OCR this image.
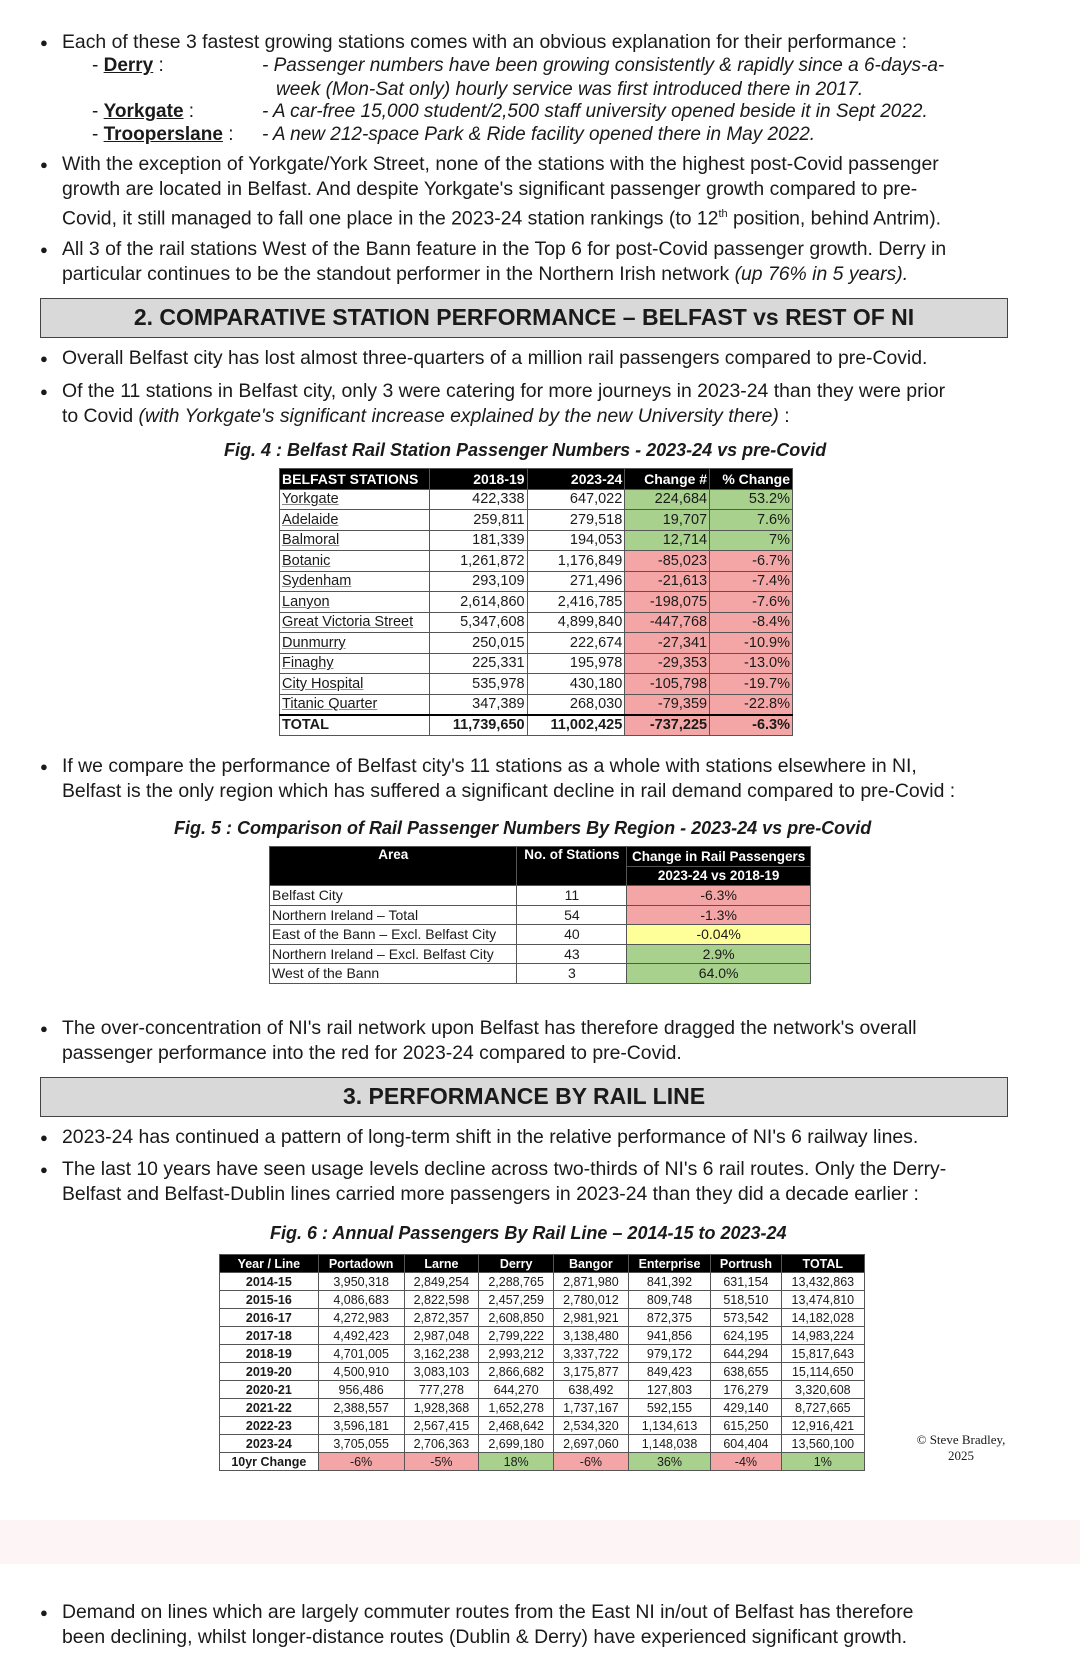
● Each of these 3 fastest growing stations comes with an obvious explanation for their performance :
- Derry :	- Passenger numbers have been growing consistently & rapidly since a 6-days-a-
week (Mon-Sat only) hourly service was first introduced there in 2017.
- Yorkgate :	- A car-free 15,000 student/2,500 staff university opened beside it in Sept 2022.
- Trooperslane : - A new 212-space Park & Ride facility opened there in May 2022.
● With the exception of Yorkgate/York Street, none of the stations with the highest post-Covid passenger
growth are located in Belfast. And despite Yorkgate's significant passenger growth compared to pre-
Covid, it still managed to fall one place in the 2023-24 station rankings (to 12th position, behind Antrim).
● All 3 of the rail stations West of the Bann feature in the Top 6 for post-Covid passenger growth. Derry in
particular continues to be the standout performer in the Northern Irish network (up 76% in 5 years).
2. COMPARATIVE STATION PERFORMANCE – BELFAST vs REST OF NI
● Overall Belfast city has lost almost three-quarters of a million rail passengers compared to pre-Covid.
● Of the 11 stations in Belfast city, only 3 were catering for more journeys in 2023-24 than they were prior
to Covid (with Yorkgate's significant increase explained by the new University there) :
Fig. 4 : Belfast Rail Station Passenger Numbers - 2023-24 vs pre-Covid
BELFAST STATIONS	2018-19	2023-24	Change #	% Change
Yorkgate	422,338	647,022	224,684	53.2%
Adelaide	259,811	279,518	19,707	7.6%
Balmoral	181,339	194,053	12,714	7%
Botanic	1,261,872	1,176,849	-85,023	-6.7%
Sydenham	293,109	271,496	-21,613	-7.4%
Lanyon	2,614,860	2,416,785	-198,075	-7.6%
Great Victoria Street	5,347,608	4,899,840	-447,768	-8.4%
Dunmurry	250,015	222,674	-27,341	-10.9%
Finaghy	225,331	195,978	-29,353	-13.0%
City Hospital	535,978	430,180	-105,798	-19.7%
Titanic Quarter	347,389	268,030	-79,359	-22.8%
TOTAL	11,739,650	11,002,425	-737,225	-6.3%
● If we compare the performance of Belfast city's 11 stations as a whole with stations elsewhere in NI,
Belfast is the only region which has suffered a significant decline in rail demand compared to pre-Covid :
Fig. 5 : Comparison of Rail Passenger Numbers By Region - 2023-24 vs pre-Covid
Area	No. of Stations	Change in Rail Passengers
		2023-24 vs 2018-19
Belfast City	11	-6.3%
Northern Ireland – Total	54	-1.3%
East of the Bann – Excl. Belfast City	40	-0.04%
Northern Ireland – Excl. Belfast City	43	2.9%
West of the Bann	3	64.0%
● The over-concentration of NI's rail network upon Belfast has therefore dragged the network's overall
passenger performance into the red for 2023-24 compared to pre-Covid.
3. PERFORMANCE BY RAIL LINE
● 2023-24 has continued a pattern of long-term shift in the relative performance of NI's 6 railway lines.
● The last 10 years have seen usage levels decline across two-thirds of NI's 6 rail routes. Only the Derry-
Belfast and Belfast-Dublin lines carried more passengers in 2023-24 than they did a decade earlier :
Fig. 6 : Annual Passengers By Rail Line – 2014-15 to 2023-24
Year / Line	Portadown	Larne	Derry	Bangor	Enterprise	Portrush	TOTAL
2014-15	3,950,318	2,849,254	2,288,765	2,871,980	841,392	631,154	13,432,863
2015-16	4,086,683	2,822,598	2,457,259	2,780,012	809,748	518,510	13,474,810
2016-17	4,272,983	2,872,357	2,608,850	2,981,921	872,375	573,542	14,182,028
2017-18	4,492,423	2,987,048	2,799,222	3,138,480	941,856	624,195	14,983,224
2018-19	4,701,005	3,162,238	2,993,212	3,337,722	979,172	644,294	15,817,643
2019-20	4,500,910	3,083,103	2,866,682	3,175,877	849,423	638,655	15,114,650
2020-21	956,486	777,278	644,270	638,492	127,803	176,279	3,320,608
2021-22	2,388,557	1,928,368	1,652,278	1,737,167	592,155	429,140	8,727,665
2022-23	3,596,181	2,567,415	2,468,642	2,534,320	1,134,613	615,250	12,916,421
2023-24	3,705,055	2,706,363	2,699,180	2,697,060	1,148,038	604,404	13,560,100
10yr Change	-6%	-5%	18%	-6%	36%	-4%	1%
© Steve Bradley,
2025
● Demand on lines which are largely commuter routes from the East NI in/out of Belfast has therefore
been declining, whilst longer-distance routes (Dublin & Derry) have experienced significant growth.
